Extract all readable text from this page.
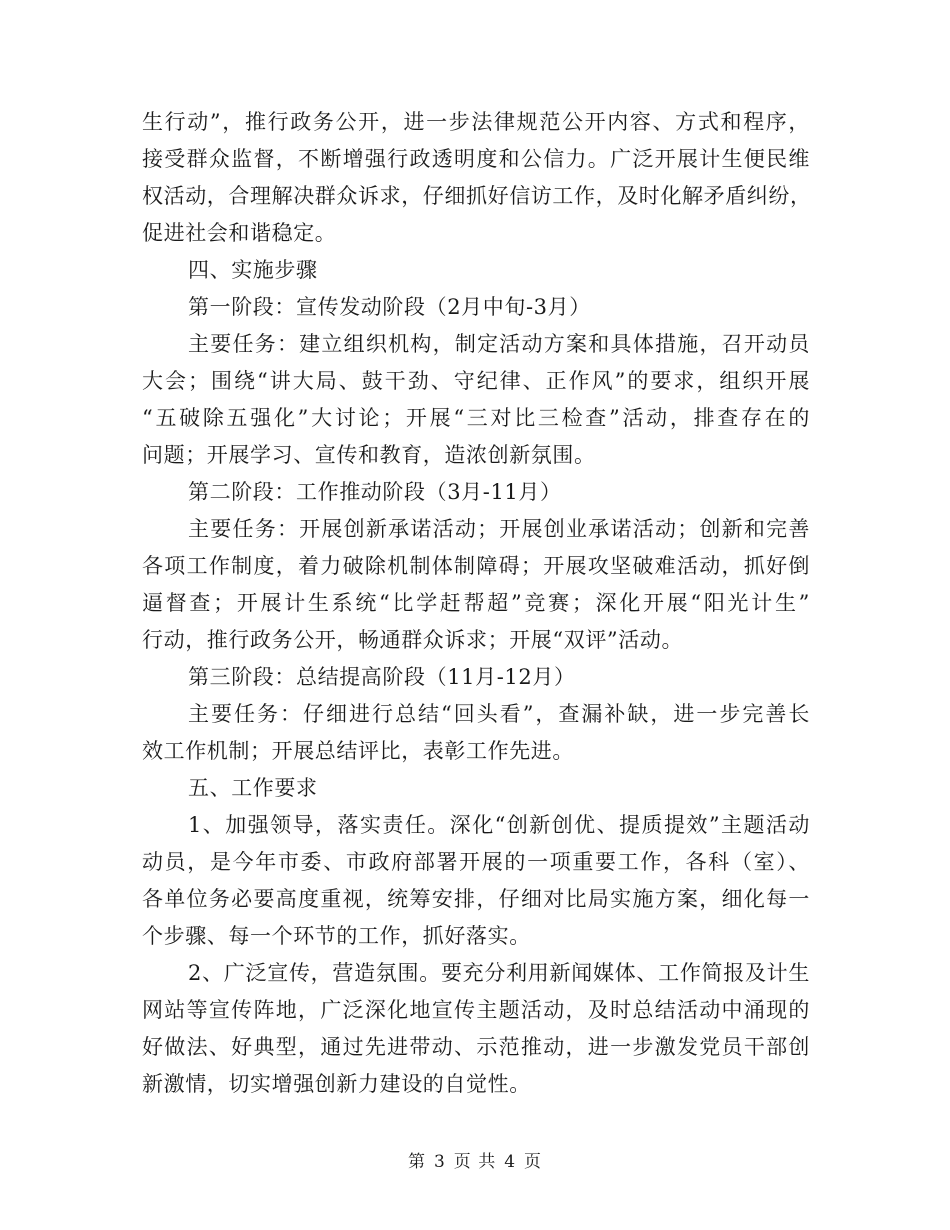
生行动”，推行政务公开，进一步法律规范公开内容、方式和程序，
接受群众监督，不断增强行政透明度和公信力。广泛开展计生便民维
权活动，合理解决群众诉求，仔细抓好信访工作，及时化解矛盾纠纷，
促进社会和谐稳定。
四、实施步骤
第一阶段：宣传发动阶段（2月中旬-3月）
主要任务：建立组织机构，制定活动方案和具体措施，召开动员
大会；围绕“讲大局、鼓干劲、守纪律、正作风”的要求，组织开展
“五破除五强化”大讨论；开展“三对比三检查”活动，排查存在的
问题；开展学习、宣传和教育，造浓创新氛围。
第二阶段：工作推动阶段（3月-11月）
主要任务：开展创新承诺活动；开展创业承诺活动；创新和完善
各项工作制度，着力破除机制体制障碍；开展攻坚破难活动，抓好倒
逼督查；开展计生系统“比学赶帮超”竞赛；深化开展“阳光计生”
行动，推行政务公开，畅通群众诉求；开展“双评”活动。
第三阶段：总结提高阶段（11月-12月）
主要任务：仔细进行总结“回头看”，查漏补缺，进一步完善长
效工作机制；开展总结评比，表彰工作先进。
五、工作要求
1、加强领导，落实责任。深化“创新创优、提质提效”主题活动
动员，是今年市委、市政府部署开展的一项重要工作，各科（室）、
各单位务必要高度重视，统筹安排，仔细对比局实施方案，细化每一
个步骤、每一个环节的工作，抓好落实。
2、广泛宣传，营造氛围。要充分利用新闻媒体、工作简报及计生
网站等宣传阵地，广泛深化地宣传主题活动，及时总结活动中涌现的
好做法、好典型，通过先进带动、示范推动，进一步激发党员干部创
新激情，切实增强创新力建设的自觉性。
第 3 页 共 4 页
